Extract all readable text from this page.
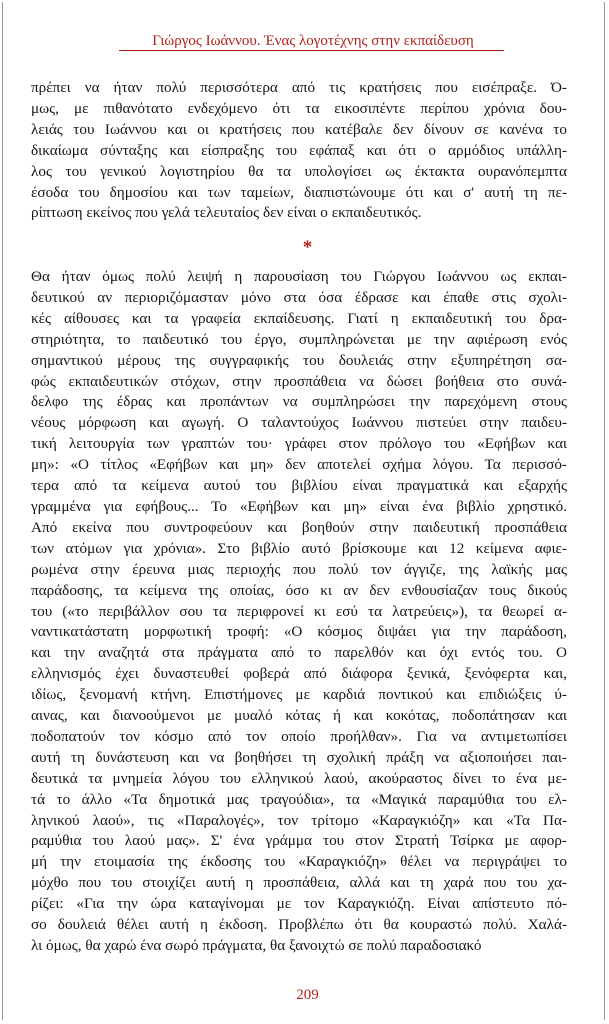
Γιώργος Ιωάννου. Ένας λογοτέχνης στην εκπαίδευση
πρέπει να ήταν πολύ περισσότερα από τις κρατήσεις που εισέπραξε. Ό-
μως, με πιθανότατο ενδεχόμενο ότι τα εικοσιπέντε περίπου χρόνια δου-
λειάς του Ιωάννου και οι κρατήσεις που κατέβαλε δεν δίνουν σε κανένα το
δικαίωμα σύνταξης και είσπραξης του εφάπαξ και ότι ο αρμόδιος υπάλλη-
λος του γενικού λογιστηρίου θα τα υπολογίσει ως έκτακτα ουρανόπεμπτα
έσοδα του δημοσίου και των ταμείων, διαπιστώνουμε ότι και σ' αυτή τη πε-
ρίπτωση εκείνος που γελά τελευταίος δεν είναι ο εκπαιδευτικός.
*
Θα ήταν όμως πολύ λειψή η παρουσίαση του Γιώργου Ιωάννου ως εκπαι-
δευτικού αν περιοριζόμασταν μόνο στα όσα έδρασε και έπαθε στις σχολι-
κές αίθουσες και τα γραφεία εκπαίδευσης. Γιατί η εκπαιδευτική του δρα-
στηριότητα, το παιδευτικό του έργο, συμπληρώνεται με την αφιέρωση ενός
σημαντικού μέρους της συγγραφικής του δουλειάς στην εξυπηρέτηση σα-
φώς εκπαιδευτικών στόχων, στην προσπάθεια να δώσει βοήθεια στο συνά-
δελφο της έδρας και προπάντων να συμπληρώσει την παρεχόμενη στους
νέους μόρφωση και αγωγή. Ο ταλαντούχος Ιωάννου πιστεύει στην παιδευ-
τική λειτουργία των γραπτών του· γράφει στον πρόλογο του «Εφήβων και
μη»: «Ο τίτλος «Εφήβων και μη» δεν αποτελεί σχήμα λόγου. Τα περισσό-
τερα από τα κείμενα αυτού του βιβλίου είναι πραγματικά και εξαρχής
γραμμένα για εφήβους... Το «Εφήβων και μη» είναι ένα βιβλίο χρηστικό.
Από εκείνα που συντροφεύουν και βοηθούν στην παιδευτική προσπάθεια
των ατόμων για χρόνια». Στο βιβλίο αυτό βρίσκουμε και 12 κείμενα αφιε-
ρωμένα στην έρευνα μιας περιοχής που πολύ τον άγγιζε, της λαϊκής μας
παράδοσης, τα κείμενα της οποίας, όσο κι αν δεν ενθουσίαζαν τους δικούς
του («το περιβάλλον σου τα περιφρονεί κι εσύ τα λατρεύεις»), τα θεωρεί α-
ναντικατάστατη μορφωτική τροφή: «Ο κόσμος διψάει για την παράδοση,
και την αναζητά στα πράγματα από το παρελθόν και όχι εντός του. Ο
ελληνισμός έχει δυναστευθεί φοβερά από διάφορα ξενικά, ξενόφερτα και,
ιδίως, ξενομανή κτήνη. Επιστήμονες με καρδιά ποντικού και επιδιώξεις ύ-
αινας, και διανοούμενοι με μυαλό κότας ή και κοκότας, ποδοπάτησαν και
ποδοπατούν τον κόσμο από τον οποίο προήλθαν». Για να αντιμετωπίσει
αυτή τη δυνάστευση και να βοηθήσει τη σχολική πράξη να αξιοποιήσει παι-
δευτικά τα μνημεία λόγου του ελληνικού λαού, ακούραστος δίνει το ένα με-
τά το άλλο «Τα δημοτικά μας τραγούδια», τα «Μαγικά παραμύθια του ελ-
ληνικού λαού», τις «Παραλογές», τον τρίτομο «Καραγκιόζη» και «Τα Πα-
ραμύθια του λαού μας». Σ' ένα γράμμα του στον Στρατή Τσίρκα με αφορ-
μή την ετοιμασία της έκδοσης του «Καραγκιόζη» θέλει να περιγράψει το
μόχθο που του στοιχίζει αυτή η προσπάθεια, αλλά και τη χαρά που του χα-
ρίζει: «Για την ώρα καταγίνομαι με τον Καραγκιόζη. Είναι απίστευτο πό-
σο δουλειά θέλει αυτή η έκδοση. Προβλέπω ότι θα κουραστώ πολύ. Χαλά-
λι όμως, θα χαρώ ένα σωρό πράγματα, θα ξανοιχτώ σε πολύ παραδοσιακό
209
